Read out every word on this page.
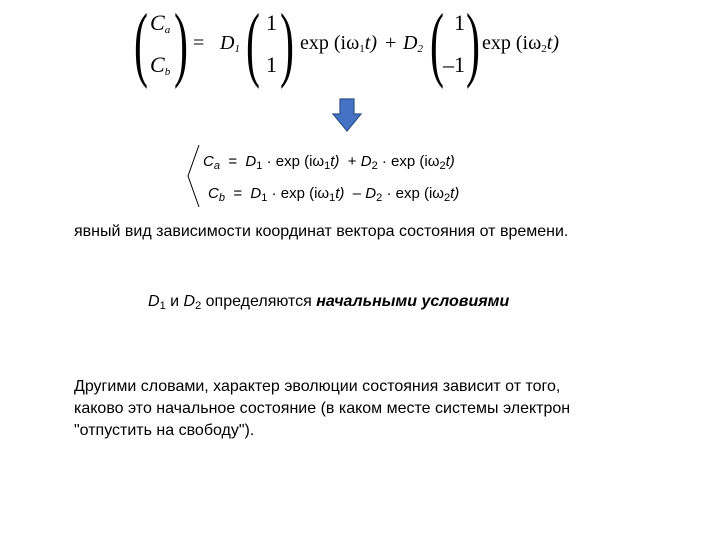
( $C_a$
$C_b$ ) = $D_1$ ( 1
1 ) $\exp (i\omega_1t) + D_2$ ( 1
–1 ) $\exp (i\omega_2t)$
$C_a = D_1 \cdot \exp (i\omega_1t) + D_2 \cdot \exp (i\omega_2t)$
$C_b = D_1 \cdot \exp (i\omega_1t) - D_2 \cdot \exp (i\omega_2t)$
явный вид зависимости координат вектора состояния от времени.
$D_1$ и $D_2$ определяются начальными условиями
Другими словами, характер эволюции состояния зависит от того,
каково это начальное состояние (в каком месте системы электрон
"отпустить на свободу").
